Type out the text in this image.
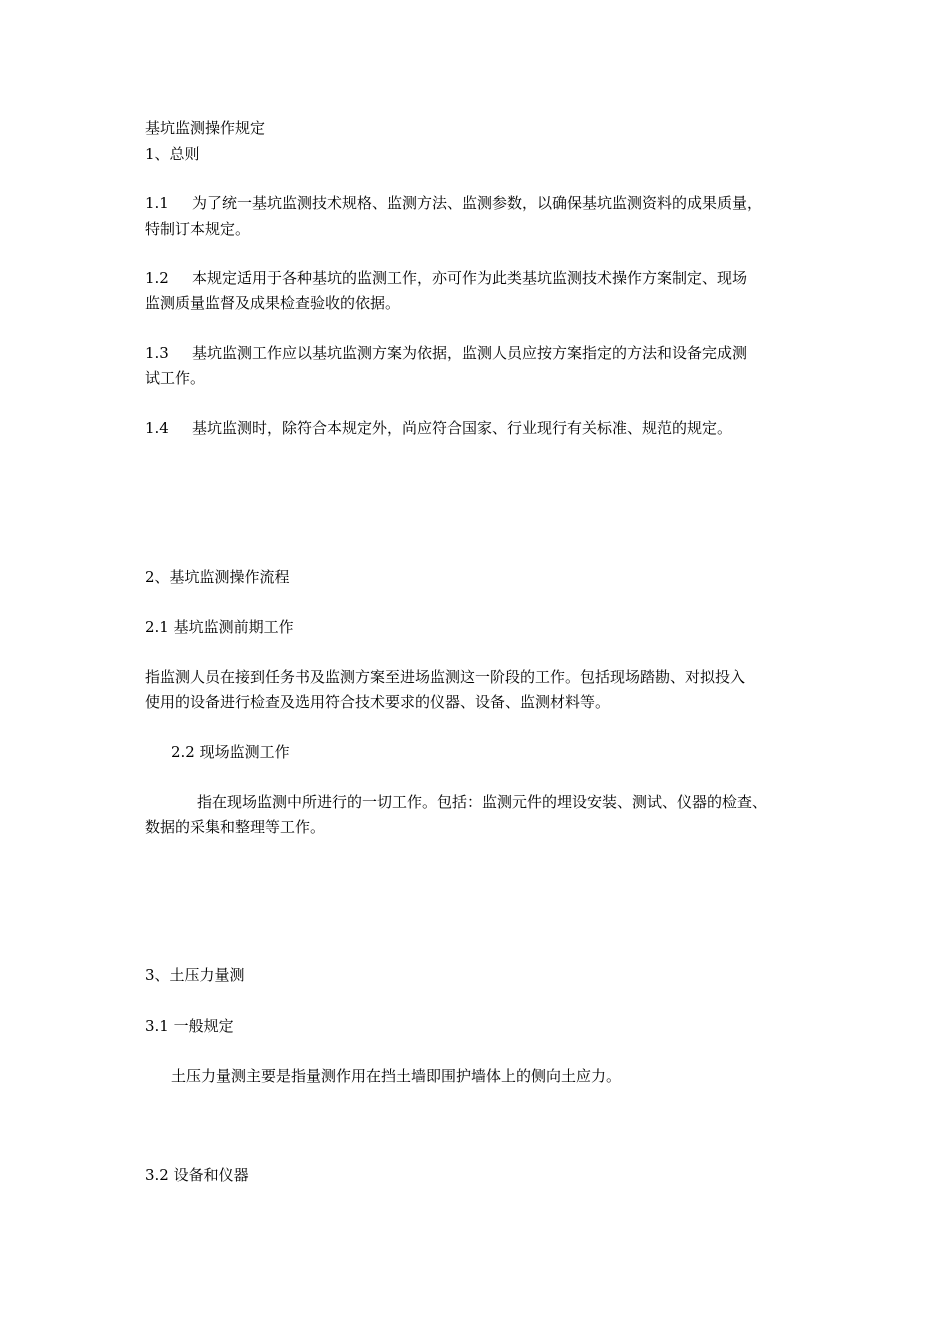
基坑监测操作规定
1、总则
1.1 为了统一基坑监测技术规格、监测方法、监测参数，以确保基坑监测资料的成果质量，
特制订本规定。
1.2 本规定适用于各种基坑的监测工作，亦可作为此类基坑监测技术操作方案制定、现场
监测质量监督及成果检查验收的依据。
1.3 基坑监测工作应以基坑监测方案为依据，监测人员应按方案指定的方法和设备完成测
试工作。
1.4 基坑监测时，除符合本规定外，尚应符合国家、行业现行有关标准、规范的规定。
2、基坑监测操作流程
2.1 基坑监测前期工作
指监测人员在接到任务书及监测方案至进场监测这一阶段的工作。包括现场踏勘、对拟投入
使用的设备进行检查及选用符合技术要求的仪器、设备、监测材料等。
2.2 现场监测工作
指在现场监测中所进行的一切工作。包括：监测元件的埋设安装、测试、仪器的检查、
数据的采集和整理等工作。
3、土压力量测
3.1 一般规定
土压力量测主要是指量测作用在挡土墙即围护墙体上的侧向土应力。
3.2 设备和仪器
